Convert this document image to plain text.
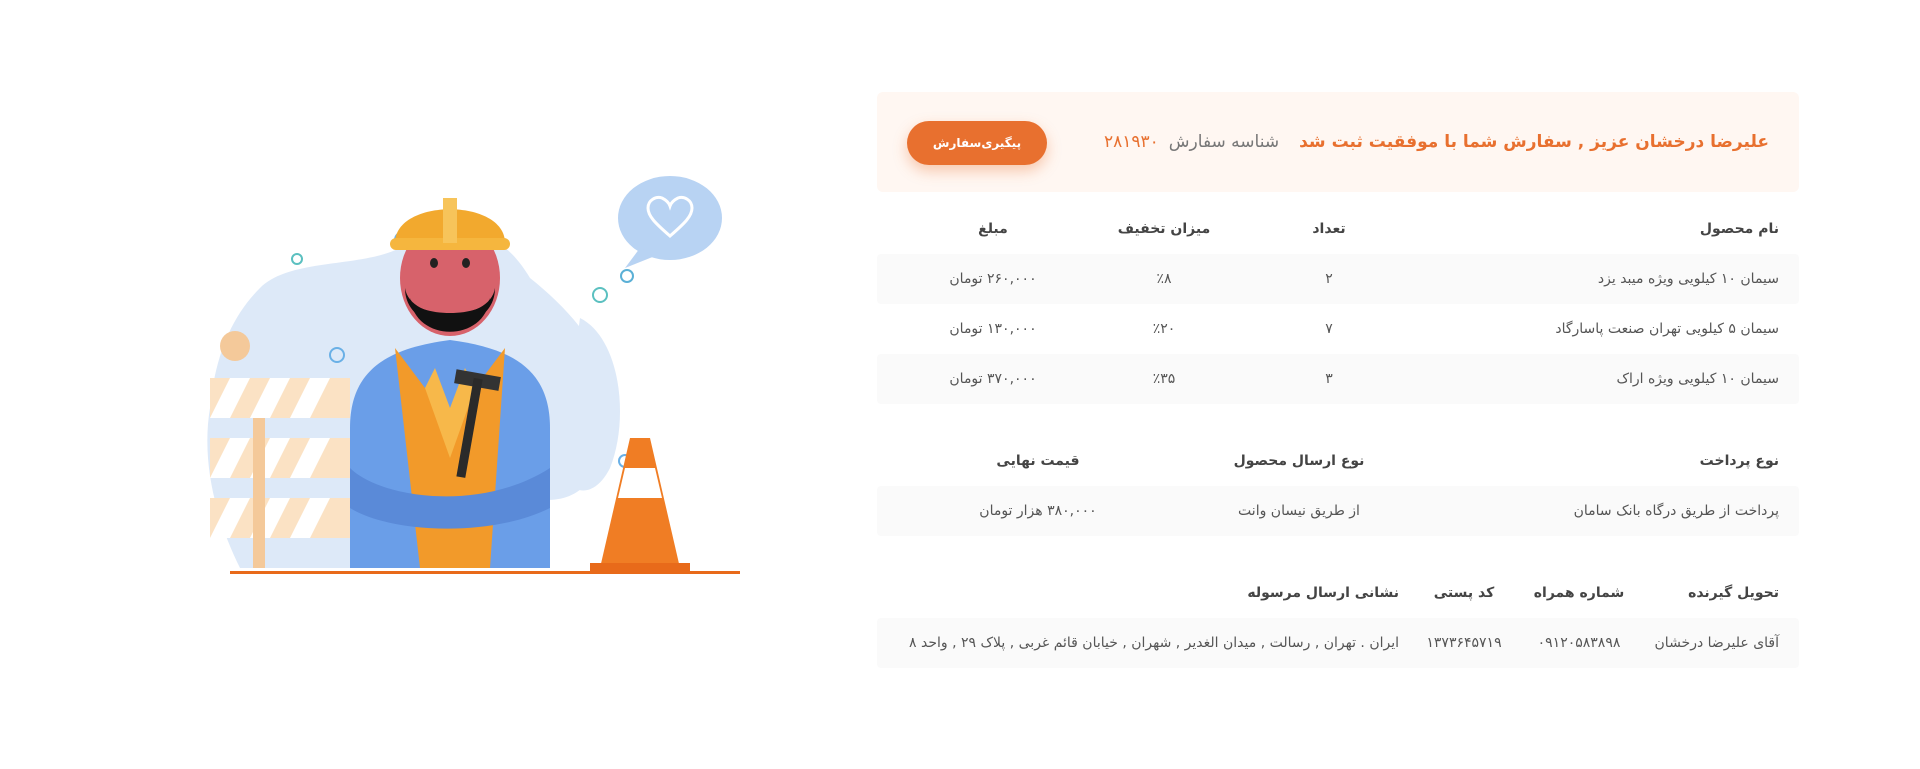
علیرضا درخشان عزیز , سفارش شما با موفقیت ثبت شد
شناسه سفارش
۲۸۱۹۳۰
پیگیری‌سفارش
نام محصول
تعداد
میزان تخفیف
مبلغ
سیمان ۱۰ کیلویی ویژه میبد یزد
۲
٪۸
۲۶۰,۰۰۰ تومان
سیمان ۵ کیلویی تهران صنعت پاسارگاد
۷
٪۲۰
۱۳۰,۰۰۰ تومان
سیمان ۱۰ کیلویی ویژه اراک
۳
٪۳۵
۳۷۰,۰۰۰ تومان
نوع پرداخت
نوع ارسال محصول
قیمت نهایی
پرداخت از طریق درگاه بانک سامان
از طریق نیسان وانت
۳۸۰,۰۰۰ هزار تومان
تحویل گیرنده
شماره همراه
کد پستی
نشانی ارسال مرسوله
آقای علیرضا درخشان
۰۹۱۲۰۵۸۳۸۹۸
۱۳۷۳۶۴۵۷۱۹
ایران . تهران , رسالت , میدان الغدیر , شهران , خیابان قائم غربی , پلاک ۲۹ , واحد ۸
